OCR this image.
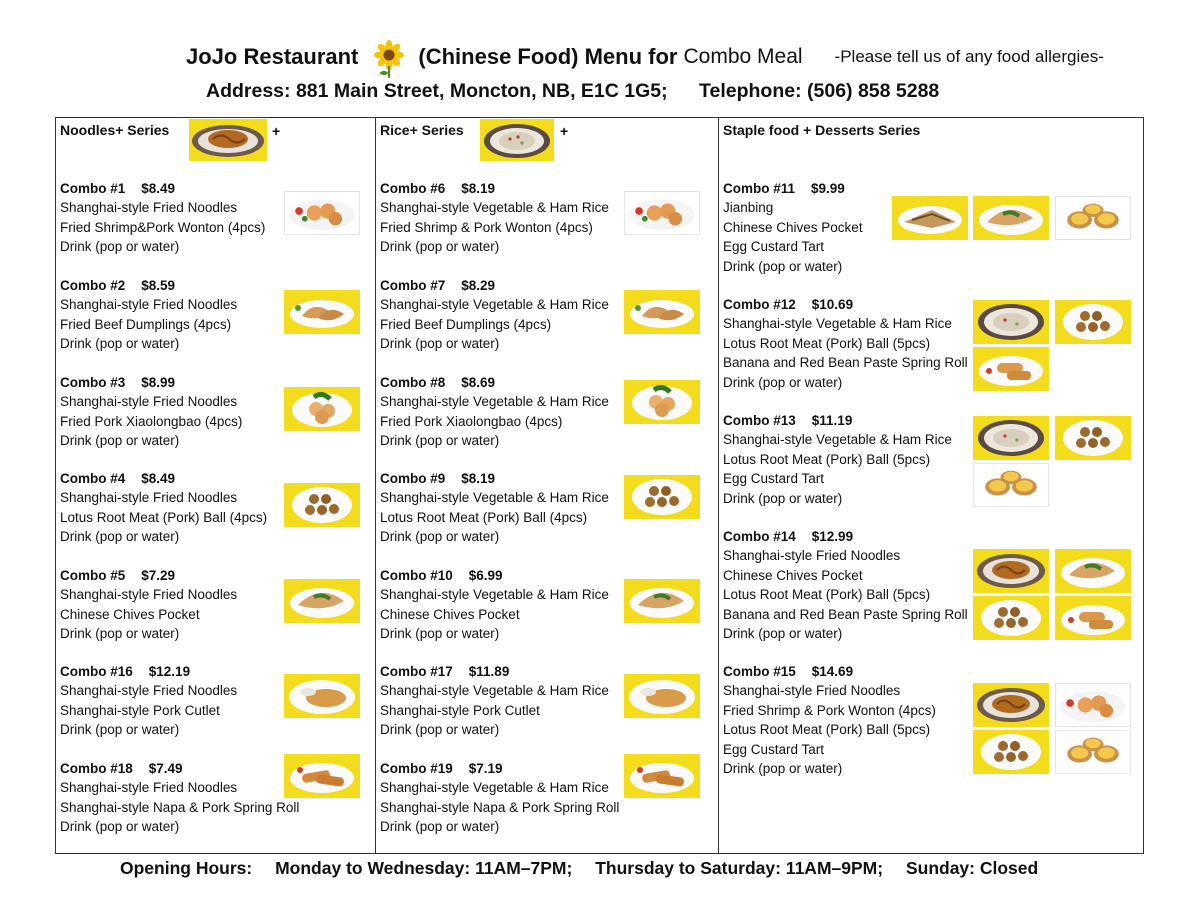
JoJo Restaurant	(Chinese Food) Menu for Combo Meal -Please tell us of any food allergies-
Address: 881 Main Street, Moncton, NB, E1C 1G5; Telephone: (506) 858 5288
Noodles+ Series	+	Rice+ Series	+	Staple food + Desserts Series
Combo #1 $8.49
Shanghai-style Fried Noodles
Fried Shrimp&Pork Wonton (4pcs)
Drink (pop or water)
Combo #2 $8.59
Shanghai-style Fried Noodles
Fried Beef Dumplings (4pcs)
Drink (pop or water)
Combo #3 $8.99
Shanghai-style Fried Noodles
Fried Pork Xiaolongbao (4pcs)
Drink (pop or water)
Combo #4 $8.49
Shanghai-style Fried Noodles
Lotus Root Meat (Pork) Ball (4pcs)
Drink (pop or water)
Combo #5 $7.29
Shanghai-style Fried Noodles
Chinese Chives Pocket
Drink (pop or water)
Combo #16 $12.19
Shanghai-style Fried Noodles
Shanghai-style Pork Cutlet
Drink (pop or water)
Combo #18 $7.49
Shanghai-style Fried Noodles
Shanghai-style Napa & Pork Spring Roll
Drink (pop or water)
Combo #6 $8.19
Shanghai-style Vegetable & Ham Rice
Fried Shrimp & Pork Wonton (4pcs)
Drink (pop or water)
Combo #7 $8.29
Shanghai-style Vegetable & Ham Rice
Fried Beef Dumplings (4pcs)
Drink (pop or water)
Combo #8 $8.69
Shanghai-style Vegetable & Ham Rice
Fried Pork Xiaolongbao (4pcs)
Drink (pop or water)
Combo #9 $8.19
Shanghai-style Vegetable & Ham Rice
Lotus Root Meat (Pork) Ball (4pcs)
Drink (pop or water)
Combo #10 $6.99
Shanghai-style Vegetable & Ham Rice
Chinese Chives Pocket
Drink (pop or water)
Combo #17 $11.89
Shanghai-style Vegetable & Ham Rice
Shanghai-style Pork Cutlet
Drink (pop or water)
Combo #19 $7.19
Shanghai-style Vegetable & Ham Rice
Shanghai-style Napa & Pork Spring Roll
Drink (pop or water)
Combo #11 $9.99
Jianbing
Chinese Chives Pocket
Egg Custard Tart
Drink (pop or water)
Combo #12 $10.69
Shanghai-style Vegetable & Ham Rice
Lotus Root Meat (Pork) Ball (5pcs)
Banana and Red Bean Paste Spring Roll
Drink (pop or water)
Combo #13 $11.19
Shanghai-style Vegetable & Ham Rice
Lotus Root Meat (Pork) Ball (5pcs)
Egg Custard Tart
Drink (pop or water)
Combo #14 $12.99
Shanghai-style Fried Noodles
Chinese Chives Pocket
Lotus Root Meat (Pork) Ball (5pcs)
Banana and Red Bean Paste Spring Roll
Drink (pop or water)
Combo #15 $14.69
Shanghai-style Fried Noodles
Fried Shrimp & Pork Wonton (4pcs)
Lotus Root Meat (Pork) Ball (5pcs)
Egg Custard Tart
Drink (pop or water)
Opening Hours: Monday to Wednesday: 11AM–7PM; Thursday to Saturday: 11AM–9PM; Sunday: Closed
